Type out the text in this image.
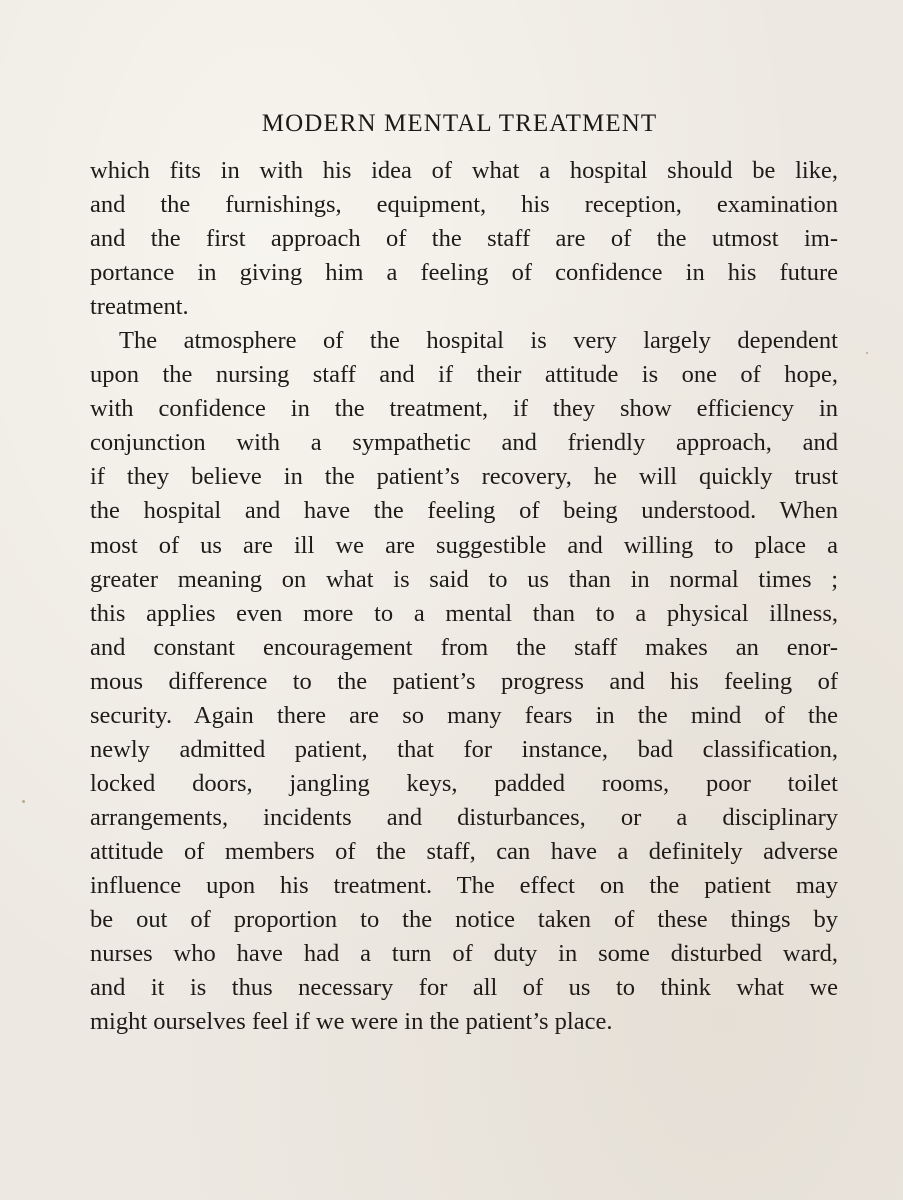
MODERN MENTAL TREATMENT
which fits in with his idea of what a hospital should be like,
and the furnishings, equipment, his reception, examination
and the first approach of the staff are of the utmost im-
portance in giving him a feeling of confidence in his future
treatment.
The atmosphere of the hospital is very largely dependent
upon the nursing staff and if their attitude is one of hope,
with confidence in the treatment, if they show efficiency in
conjunction with a sympathetic and friendly approach, and
if they believe in the patient’s recovery, he will quickly trust
the hospital and have the feeling of being understood. When
most of us are ill we are suggestible and willing to place a
greater meaning on what is said to us than in normal times ;
this applies even more to a mental than to a physical illness,
and constant encouragement from the staff makes an enor-
mous difference to the patient’s progress and his feeling of
security. Again there are so many fears in the mind of the
newly admitted patient, that for instance, bad classification,
locked doors, jangling keys, padded rooms, poor toilet
arrangements, incidents and disturbances, or a disciplinary
attitude of members of the staff, can have a definitely adverse
influence upon his treatment. The effect on the patient may
be out of proportion to the notice taken of these things by
nurses who have had a turn of duty in some disturbed ward,
and it is thus necessary for all of us to think what we
might ourselves feel if we were in the patient’s place.
